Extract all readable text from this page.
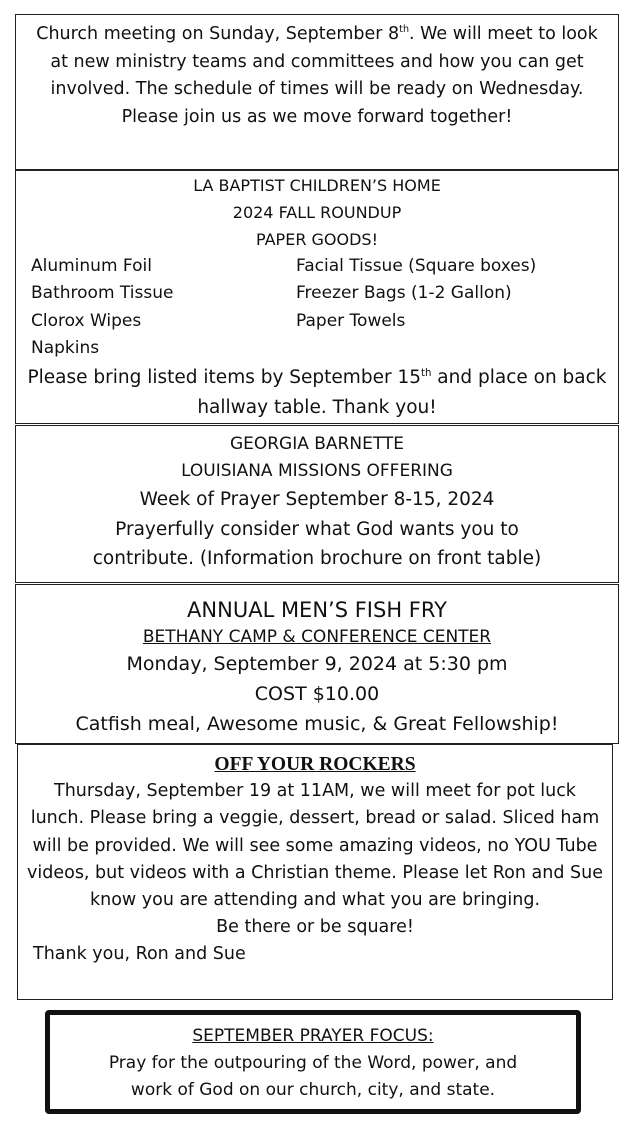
Church meeting on Sunday, September 8th. We will meet to look at new ministry teams and committees and how you can get involved. The schedule of times will be ready on Wednesday. Please join us as we move forward together!
LA BAPTIST CHILDREN’S HOME
2024 FALL ROUNDUP
PAPER GOODS!
Aluminum Foil	Facial Tissue (Square boxes)
Bathroom Tissue	Freezer Bags (1-2 Gallon)
Clorox Wipes	Paper Towels
Napkins
Please bring listed items by September 15th and place on back hallway table. Thank you!
GEORGIA BARNETTE
LOUISIANA MISSIONS OFFERING
Week of Prayer September 8-15, 2024
Prayerfully consider what God wants you to
contribute. (Information brochure on front table)
ANNUAL MEN’S FISH FRY
BETHANY CAMP & CONFERENCE CENTER
Monday, September 9, 2024 at 5:30 pm
COST $10.00
Catfish meal, Awesome music, & Great Fellowship!
OFF YOUR ROCKERS
Thursday, September 19 at 11AM, we will meet for pot luck lunch. Please bring a veggie, dessert, bread or salad. Sliced ham will be provided. We will see some amazing videos, no YOU Tube videos, but videos with a Christian theme. Please let Ron and Sue know you are attending and what you are bringing.
Be there or be square!
Thank you, Ron and Sue
SEPTEMBER PRAYER FOCUS:
Pray for the outpouring of the Word, power, and
work of God on our church, city, and state.
